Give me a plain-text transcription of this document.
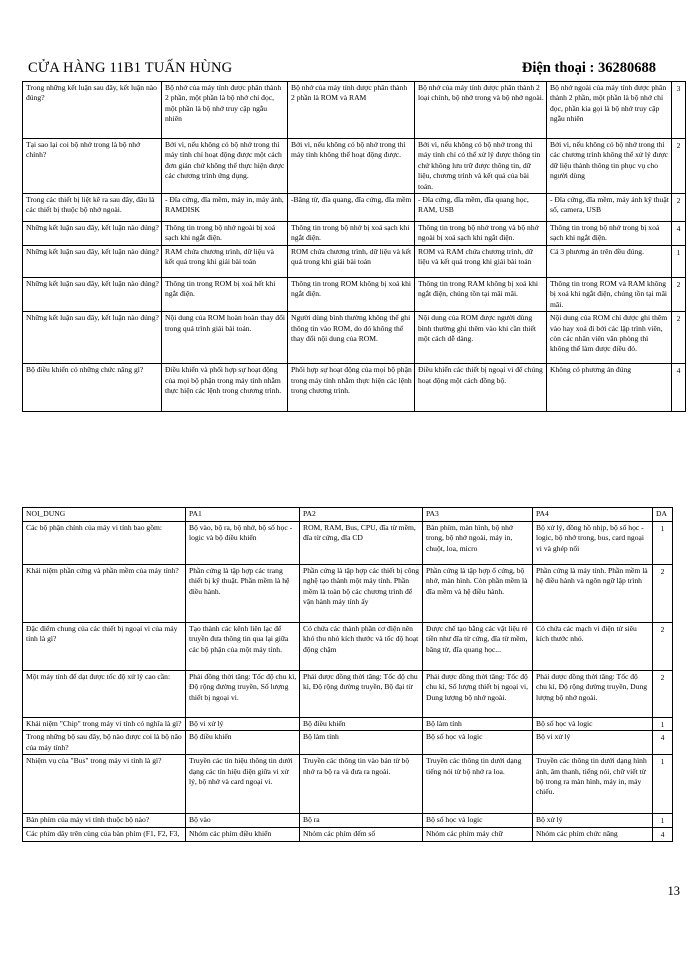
CỬA HÀNG 11B1 TUẤN HÙNG	Điện thoại : 36280688
Trong những kết luận sau đây, kết luận nào đúng?	Bộ nhớ của máy tính được phân thành 2 phần, một phần là bộ nhớ chỉ đọc, một phần là bộ nhớ truy cập ngẫu nhiên	Bộ nhớ của máy tính được phân thành 2 phần là ROM và RAM	Bộ nhớ của máy tính được phân thành 2 loại chính, bộ nhớ trong và bộ nhớ ngoài.	Bộ nhớ ngoài của máy tính được phân thành 2 phần, một phần là bộ nhớ chỉ đọc, phần kia gọi là bộ nhớ truy cập ngẫu nhiên	3
Tại sao lại coi bộ nhớ trong là bộ nhớ chính?	Bởi vì, nếu không có bộ nhớ trong thì máy tính chỉ hoạt động được một cách đơn giản chứ không thể thực hiện được các chương trình ứng dụng.	Bởi vì, nếu không có bộ nhớ trong thì máy tính không thể hoạt động được.	Bởi vì, nếu không có bộ nhớ trong thì máy tính chỉ có thể xử lý được thông tin chứ không lưu trữ được thông tin, dữ liệu, chương trình và kết quả của bài toán.	Bởi vì, nếu không có bộ nhớ trong thì các chương trình không thể xử lý được dữ liệu thành thông tin phục vụ cho người dùng	2
Trong các thiết bị liệt kê ra sau đây, đâu là các thiết bị thuộc bộ nhớ ngoài.	- Đĩa cứng, đĩa mềm, máy in, máy ảnh, RAMDISK	-Băng từ, đĩa quang, đĩa cứng, đĩa mềm	- Đĩa cứng, đĩa mềm, đĩa quang học, RAM, USB	- Đĩa cứng, đĩa mềm, máy ảnh kỹ thuật số, camera, USB	2
Những kết luận sau đây, kết luận nào đúng?	Thông tin trong bộ nhớ ngoài bị xoá sạch khi ngắt điện.	Thông tin trong bộ nhớ bị xoá sạch khi ngắt điện.	Thông tin trong bộ nhớ trong và bộ nhớ ngoài bị xoá sạch khi ngắt điện.	Thông tin trong bộ nhớ trong bị xoá sạch khi ngắt điện.	4
Những kết luận sau đây, kết luận nào đúng?	RAM chứa chương trình, dữ liệu và kết quả trong khi giải bài toán	ROM chứa chương trình, dữ liệu và kết quả trong khi giải bài toán	ROM và RAM chứa chương trình, dữ liệu và kết quả trong khi giải bài toán	Cả 3 phương án trên đều đúng.	1
Những kết luận sau đây, kết luận nào đúng?	Thông tin trong ROM bị xoá hết khi ngắt điện.	Thông tin trong ROM không bị xoá khi ngắt điện.	Thông tin trong RAM không bị xoá khi ngắt điện, chúng tồn tại mãi mãi.	Thông tin trong ROM và RAM không bị xoá khi ngắt điện, chúng tồn tại mãi mãi.	2
Những kết luận sau đây, kết luận nào đúng?	Nội dung của ROM hoàn hoàn thay đổi trong quá trình giải bài toán.	Người dùng bình thường không thể ghi thông tin vào ROM, do đó không thể thay đổi nội dung của ROM.	Nội dung của ROM được người dùng bình thường ghi thêm vào khi cần thiết một cách dễ dàng.	Nội dung của ROM chỉ được ghi thêm vào hay xoá đi bởi các lập trình viên, còn các nhân viên văn phòng thì không thể làm được điều đó.	2
Bộ điều khiển có những chức năng gì?	Điều khiển và phối hợp sự hoạt động của mọi bộ phận trong máy tính nhằm thực hiện các lệnh trong chương trình.	Phối hợp sự hoạt động của mọi bộ phận trong máy tính nhằm thực hiện các lệnh trong chương trình.	Điều khiển các thiết bị ngoại vi để chúng hoạt động một cách đồng bộ.	Không có phương án đúng	4
NOI_DUNG	PA1	PA2	PA3	PA4	DA
Các bộ phận chính của máy vi tính bao gồm:	Bộ vào, bộ ra, bộ nhớ, bộ số học - logic và bộ điều khiển	ROM, RAM, Bus, CPU, đĩa từ mềm, đĩa từ cứng, đĩa CD	Bàn phím, màn hình, bộ nhớ trong, bộ nhớ ngoài, máy in, chuột, loa, micro	Bộ xử lý, đồng hồ nhịp, bộ số học - logic, bộ nhớ trong, bus, card ngoại vi và ghép nối	1
Khái niệm phần cứng và phần mềm của máy tính?	Phần cứng là tập hợp các trang thiết bị kỹ thuật. Phần mềm là hệ điều hành.	Phần cứng là tập hợp các thiết bị công nghệ tạo thành một máy tính. Phần mềm là toàn bộ các chương trình để vận hành máy tính ấy	Phần cứng là tập hợp ổ cứng, bộ nhớ, màn hình. Còn phần mềm là đĩa mềm và hệ điều hành.	Phần cứng là máy tính. Phần mềm là hệ điều hành và ngôn ngữ lập trình	2
Đặc điểm chung của các thiết bị ngoại vi của máy tính là gì?	Tạo thành các kênh liên lạc để truyền đưa thông tin qua lại giữa các bộ phận của một máy tính.	Có chứa các thành phần cơ điện nên khó thu nhỏ kích thước và tốc độ hoạt động chậm	Được chế tạo bằng các vật liệu rẻ tiền như đĩa từ cứng, đĩa từ mềm, băng từ, đĩa quang học...	Có chứa các mạch vi điện tử siêu kích thước nhỏ.	2
Một máy tính để dạt được tốc độ xử lý cao cần:	Phải đồng thời tăng: Tốc độ chu kì, Độ rộng đường truyền, Số lượng thiết bị ngoại vi.	Phải được đồng thời tăng: Tốc độ chu kì, Độ rộng đường truyền, Bộ đại từ	Phải được đồng thời tăng: Tốc độ chu kì, Số lượng thiết bị ngoại vi, Dung lượng bộ nhớ ngoài.	Phải được đồng thời tăng: Tốc độ chu kì, Độ rộng đường truyền, Dung lượng bộ nhớ ngoài.	2
Khái niệm "Chip" trong máy vi tính có nghĩa là gì?	Bộ vi xử lý	Bộ điều khiển	Bộ làm tính	Bộ số học và logic	1
Trong những bộ sau đây, bộ nào được coi là bộ não của máy tính?	Bộ điều khiển	Bộ làm tính	Bộ số học và logic	Bộ vi xử lý	4
Nhiệm vụ của "Bus" trong máy vi tính là gì?	Truyền các tín hiệu thông tin dưới dạng các tín hiệu điện giữa vi xử lý, bộ nhớ và card ngoại vi.	Truyền các thông tin vào bản từ bộ nhớ ra bộ ra và đưa ra ngoài.	Truyền các thông tin dưới dạng tiếng nói từ bộ nhớ ra loa.	Truyền các thông tin dưới dạng hình ảnh, âm thanh, tiếng nói, chữ viết từ bộ trong ra màn hình, máy in, máy chiếu.	1
Bàn phím của máy vi tính thuộc bộ nào?	Bộ vào	Bộ ra	Bộ số học và logic	Bộ xử lý	1
Các phím dãy trên cùng của bàn phím (F1, F2, F3,	Nhóm các phím điều khiển	Nhóm các phím đếm số	Nhóm các phím máy chữ	Nhóm các phím chức năng	4
13
